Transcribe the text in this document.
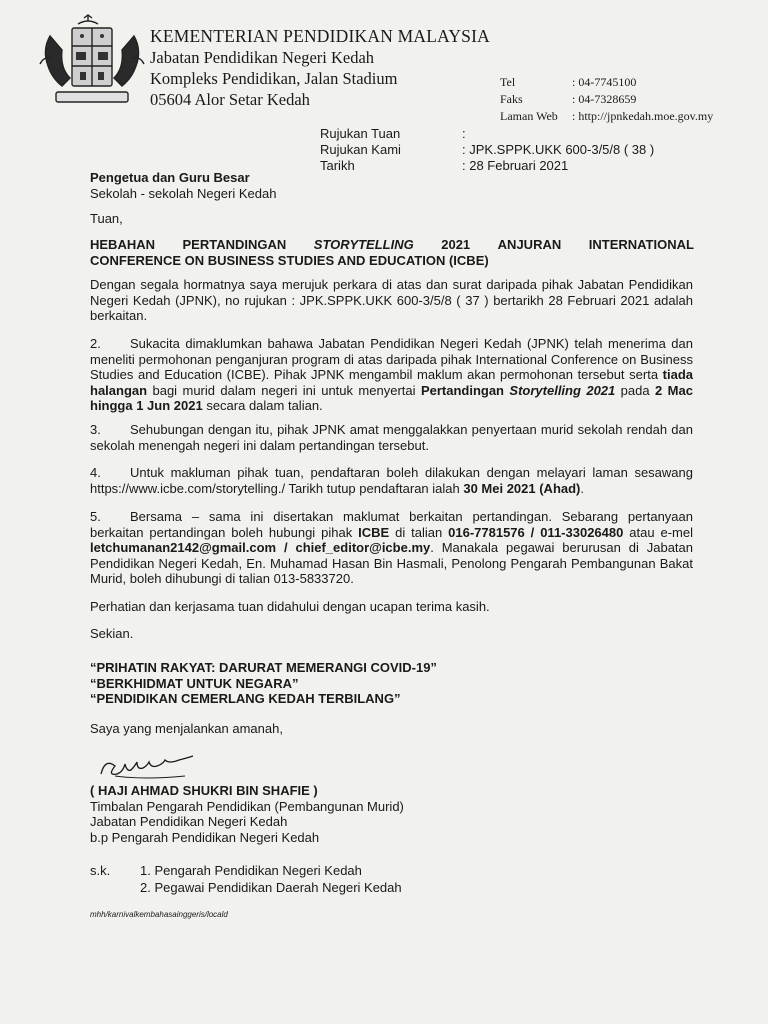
KEMENTERIAN PENDIDIKAN MALAYSIA
Jabatan Pendidikan Negeri Kedah
Kompleks Pendidikan, Jalan Stadium
05604 Alor Setar Kedah
Tel	: 04-7745100
Faks	: 04-7328659
Laman Web	: http://jpnkedah.moe.gov.my
Rujukan Tuan	:
Rujukan Kami	: JPK.SPPK.UKK 600-3/5/8 ( 38 )
Tarikh	: 28 Februari 2021

Pengetua dan Guru Besar

Sekolah - sekolah Negeri Kedah

Tuan,
HEBAHAN PERTANDINGAN STORYTELLING 2021 ANJURAN INTERNATIONAL
CONFERENCE ON BUSINESS STUDIES AND EDUCATION (ICBE)
Dengan segala hormatnya saya merujuk perkara di atas dan surat daripada pihak Jabatan Pendidikan Negeri Kedah (JPNK), no rujukan : JPK.SPPK.UKK 600-3/5/8 ( 37 ) bertarikh 28 Februari 2021 adalah berkaitan.
2. Sukacita dimaklumkan bahawa Jabatan Pendidikan Negeri Kedah (JPNK) telah menerima dan meneliti permohonan penganjuran program di atas daripada pihak International Conference on Business Studies and Education (ICBE). Pihak JPNK mengambil maklum akan permohonan tersebut serta tiada halangan bagi murid dalam negeri ini untuk menyertai Pertandingan Storytelling 2021 pada 2 Mac hingga 1 Jun 2021 secara dalam talian.
3. Sehubungan dengan itu, pihak JPNK amat menggalakkan penyertaan murid sekolah rendah dan sekolah menengah negeri ini dalam pertandingan tersebut.
4. Untuk makluman pihak tuan, pendaftaran boleh dilakukan dengan melayari laman sesawang https://www.icbe.com/storytelling./ Tarikh tutup pendaftaran ialah 30 Mei 2021 (Ahad).
5. Bersama – sama ini disertakan maklumat berkaitan pertandingan. Sebarang pertanyaan berkaitan pertandingan boleh hubungi pihak ICBE di talian 016-7781576 / 011-33026480 atau e-mel letchumanan2142@gmail.com / chief_editor@icbe.my. Manakala pegawai berurusan di Jabatan Pendidikan Negeri Kedah, En. Muhamad Hasan Bin Hasmali, Penolong Pengarah Pembangunan Bakat Murid, boleh dihubungi di talian 013-5833720.
Perhatian dan kerjasama tuan didahului dengan ucapan terima kasih.
Sekian.

“PRIHATIN RAKYAT: DARURAT MEMERANGI COVID-19”

“BERKHIDMAT UNTUK NEGARA”

“PENDIDIKAN CEMERLANG KEDAH TERBILANG”

Saya yang menjalankan amanah,

( HAJI AHMAD SHUKRI BIN SHAFIE )

Timbalan Pengarah Pendidikan (Pembangunan Murid)

Jabatan Pendidikan Negeri Kedah

b.p Pengarah Pendidikan Negeri Kedah

s.k.	1. Pengarah Pendidikan Negeri Kedah
2. Pegawai Pendidikan Daerah Negeri Kedah
mhh/karnivalkembahasainggeris/locald
